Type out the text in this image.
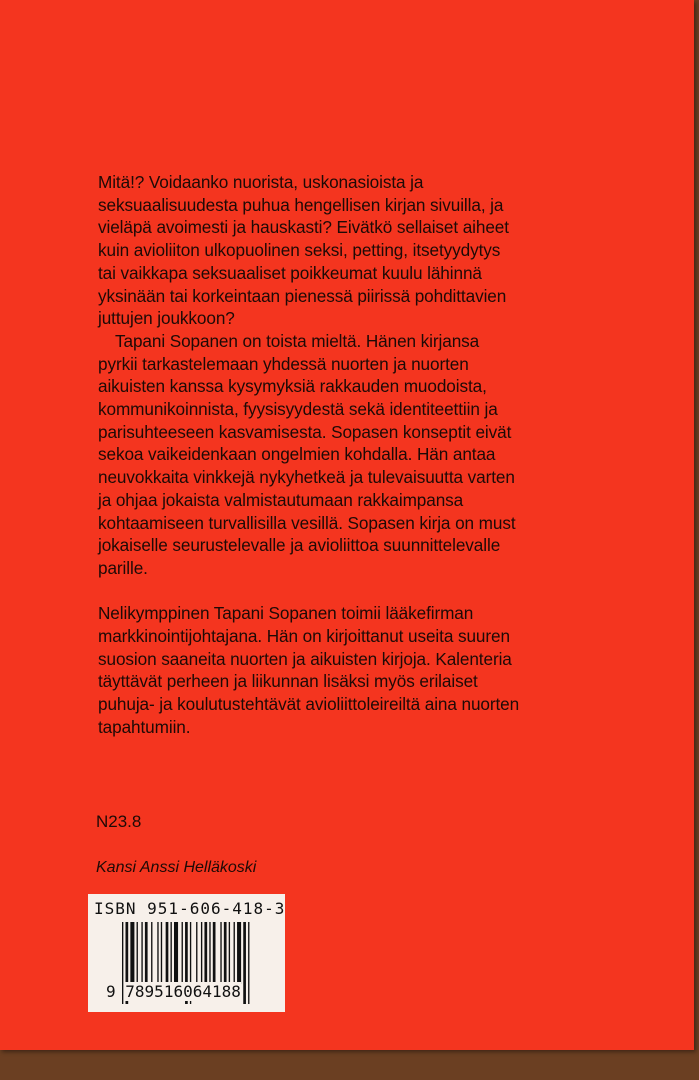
Mitä!? Voidaanko nuorista, uskonasioista ja
seksuaalisuudesta puhua hengellisen kirjan sivuilla, ja
vieläpä avoimesti ja hauskasti? Eivätkö sellaiset aiheet
kuin avioliiton ulkopuolinen seksi, petting, itsetyydytys
tai vaikkapa seksuaaliset poikkeumat kuulu lähinnä
yksinään tai korkeintaan pienessä piirissä pohdittavien
juttujen joukkoon?
Tapani Sopanen on toista mieltä. Hänen kirjansa
pyrkii tarkastelemaan yhdessä nuorten ja nuorten
aikuisten kanssa kysymyksiä rakkauden muodoista,
kommunikoinnista, fyysisyydestä sekä identiteettiin ja
parisuhteeseen kasvamisesta. Sopasen konseptit eivät
sekoa vaikeidenkaan ongelmien kohdalla. Hän antaa
neuvokkaita vinkkejä nykyhetkeä ja tulevaisuutta varten
ja ohjaa jokaista valmistautumaan rakkaimpansa
kohtaamiseen turvallisilla vesillä. Sopasen kirja on must
jokaiselle seurustelevalle ja avioliittoa suunnittelevalle
parille.
Nelikymppinen Tapani Sopanen toimii lääkefirman
markkinointijohtajana. Hän on kirjoittanut useita suuren
suosion saaneita nuorten ja aikuisten kirjoja. Kalenteria
täyttävät perheen ja liikunnan lisäksi myös erilaiset
puhuja- ja koulutustehtävät avioliittoleireiltä aina nuorten
tapahtumiin.
N23.8
Kansi Anssi Helläkoski
ISBN 951-606-418-3
9 789516064188
